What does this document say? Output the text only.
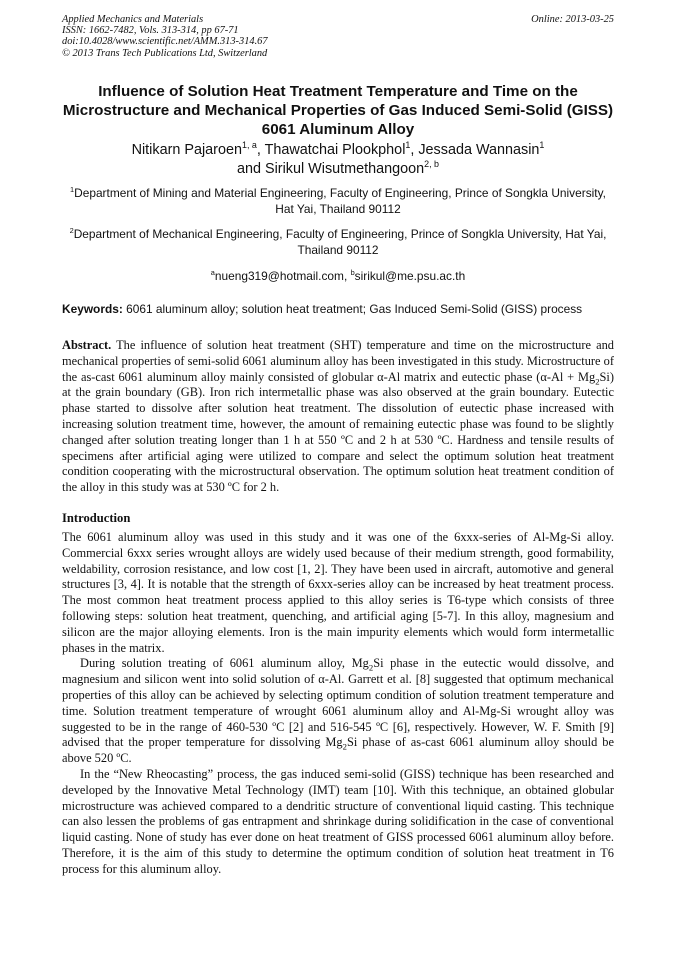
Applied Mechanics and Materials
ISSN: 1662-7482, Vols. 313-314, pp 67-71
doi:10.4028/www.scientific.net/AMM.313-314.67
© 2013 Trans Tech Publications Ltd, Switzerland
Online: 2013-03-25
Influence of Solution Heat Treatment Temperature and Time on the Microstructure and Mechanical Properties of Gas Induced Semi-Solid (GISS) 6061 Aluminum Alloy
Nitikarn Pajaroen$^{1, a}$, Thawatchai Plookphol$^1$, Jessada Wannasin$^1$
and Sirikul Wisutmethangoon$^{2, b}$
$^1$Department of Mining and Material Engineering, Faculty of Engineering, Prince of Songkla University, Hat Yai, Thailand 90112
$^2$Department of Mechanical Engineering, Faculty of Engineering, Prince of Songkla University, Hat Yai, Thailand 90112
$^a$nueng319@hotmail.com, $^b$sirikul@me.psu.ac.th
Keywords: 6061 aluminum alloy; solution heat treatment; Gas Induced Semi-Solid (GISS) process

Abstract. The influence of solution heat treatment (SHT) temperature and time on the microstructure and mechanical properties of semi-solid 6061 aluminum alloy has been investigated in this study. Microstructure of the as-cast 6061 aluminum alloy mainly consisted of globular α-Al matrix and eutectic phase $(\alpha-Al + Mg_2Si)$ at the grain boundary (GB). Iron rich intermetallic phase was also observed at the grain boundary. Eutectic phase started to dissolve after solution heat treatment. The dissolution of eutectic phase increased with increasing solution treatment time, however, the amount of remaining eutectic phase was found to be slightly changed after solution treating longer than 1 h at 550 ºC and 2 h at 530 ºC. Hardness and tensile results of specimens after artificial aging were utilized to compare and select the optimum solution heat treatment condition cooperating with the microstructural observation. The optimum solution heat treatment condition of the alloy in this study was at 530 ºC for 2 h.

Introduction

The 6061 aluminum alloy was used in this study and it was one of the 6xxx-series of Al-Mg-Si alloy. Commercial 6xxx series wrought alloys are widely used because of their medium strength, good formability, weldability, corrosion resistance, and low cost [1, 2]. They have been used in aircraft, automotive and general structures [3, 4]. It is notable that the strength of 6xxx-series alloy can be increased by heat treatment process. The most common heat treatment process applied to this alloy series is T6-type which consists of three following steps: solution heat treatment, quenching, and artificial aging [5-7]. In this alloy, magnesium and silicon are the major alloying elements. Iron is the main impurity elements which would form intermetallic phases in the matrix.

During solution treating of 6061 aluminum alloy, $Mg_2Si$ phase in the eutectic would dissolve, and magnesium and silicon went into solid solution of α-Al. Garrett et al. [8] suggested that optimum mechanical properties of this alloy can be achieved by selecting optimum condition of solution treatment temperature and time. Solution treatment temperature of wrought 6061 aluminum alloy and Al-Mg-Si wrought alloy was suggested to be in the range of 460-530 ºC [2] and 516-545 ºC [6], respectively. However, W. F. Smith [9] advised that the proper temperature for dissolving $Mg_2Si$ phase of as-cast 6061 aluminum alloy should be above 520 ºC.

In the “New Rheocasting” process, the gas induced semi-solid (GISS) technique has been researched and developed by the Innovative Metal Technology (IMT) team [10]. With this technique, an obtained globular microstructure was achieved compared to a dendritic structure of conventional liquid casting. This technique can also lessen the problems of gas entrapment and shrinkage during solidification in the case of conventional liquid casting. None of study has ever done on heat treatment of GISS processed 6061 aluminum alloy before. Therefore, it is the aim of this study to determine the optimum condition of solution heat treatment in T6 process for this aluminum alloy.
